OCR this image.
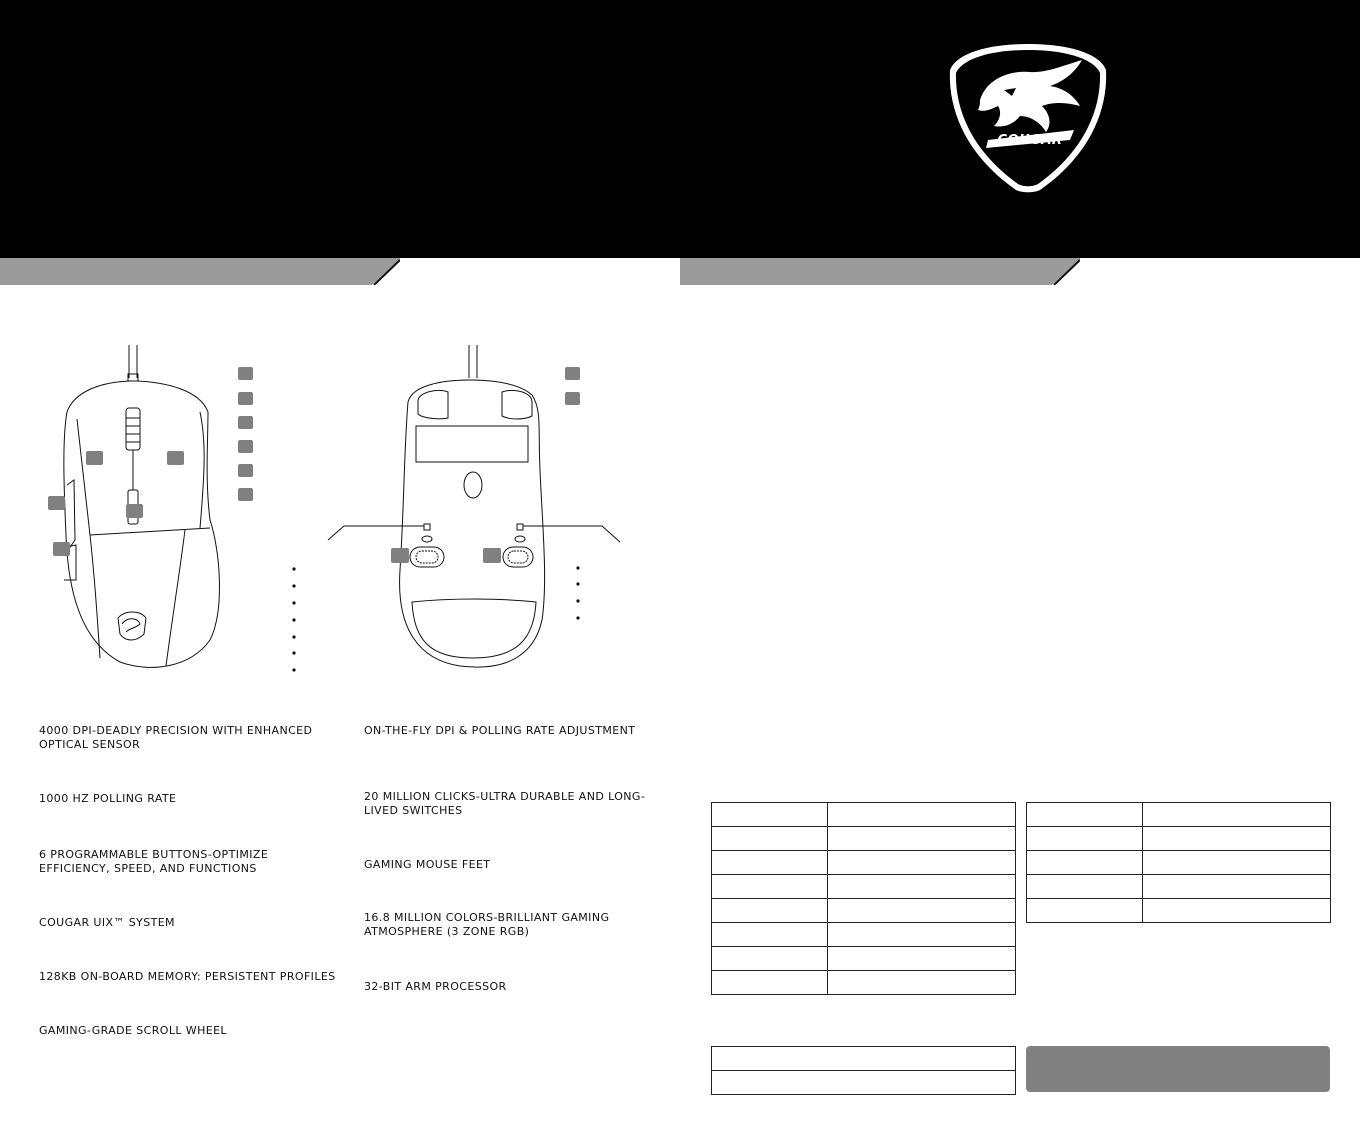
COUGAR
4000 DPI-DEADLY PRECISION WITH ENHANCED OPTICAL SENSOR
1000 HZ POLLING RATE
6 PROGRAMMABLE BUTTONS-OPTIMIZE EFFICIENCY, SPEED, AND FUNCTIONS
COUGAR UIX™ SYSTEM
128KB ON-BOARD MEMORY: PERSISTENT PROFILES
GAMING-GRADE SCROLL WHEEL
ON-THE-FLY DPI & POLLING RATE ADJUSTMENT
20 MILLION CLICKS-ULTRA DURABLE AND LONG-LIVED SWITCHES
GAMING MOUSE FEET
16.8 MILLION COLORS-BRILLIANT GAMING ATMOSPHERE (3 ZONE RGB)
32-BIT ARM PROCESSOR
